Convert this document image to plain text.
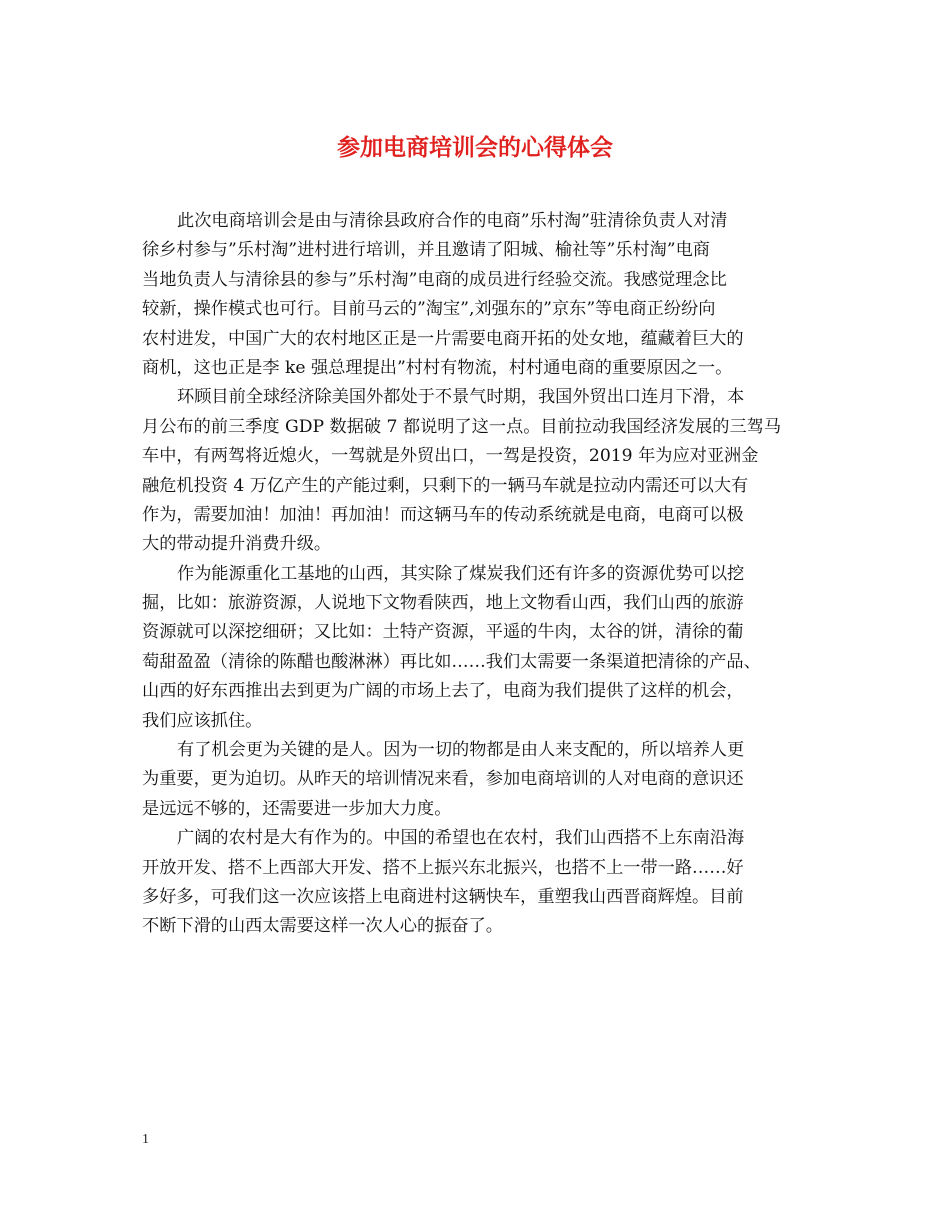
参加电商培训会的心得体会
此次电商培训会是由与清徐县政府合作的电商”乐村淘”驻清徐负责人对清
徐乡村参与”乐村淘”进村进行培训，并且邀请了阳城、榆社等”乐村淘”电商
当地负责人与清徐县的参与”乐村淘”电商的成员进行经验交流。我感觉理念比
较新，操作模式也可行。目前马云的”淘宝”,刘强东的”京东”等电商正纷纷向
农村进发，中国广大的农村地区正是一片需要电商开拓的处女地，蕴藏着巨大的
商机，这也正是李 ke 强总理提出”村村有物流，村村通电商的重要原因之一。
环顾目前全球经济除美国外都处于不景气时期，我国外贸出口连月下滑，本
月公布的前三季度 GDP 数据破 7 都说明了这一点。目前拉动我国经济发展的三驾马
车中，有两驾将近熄火，一驾就是外贸出口，一驾是投资，2019 年为应对亚洲金
融危机投资 4 万亿产生的产能过剩，只剩下的一辆马车就是拉动内需还可以大有
作为，需要加油！加油！再加油！而这辆马车的传动系统就是电商，电商可以极
大的带动提升消费升级。
作为能源重化工基地的山西，其实除了煤炭我们还有许多的资源优势可以挖
掘，比如：旅游资源，人说地下文物看陕西，地上文物看山西，我们山西的旅游
资源就可以深挖细研；又比如：土特产资源，平遥的牛肉，太谷的饼，清徐的葡
萄甜盈盈（清徐的陈醋也酸淋淋）再比如……我们太需要一条渠道把清徐的产品、
山西的好东西推出去到更为广阔的市场上去了，电商为我们提供了这样的机会，
我们应该抓住。
有了机会更为关键的是人。因为一切的物都是由人来支配的，所以培养人更
为重要，更为迫切。从昨天的培训情况来看，参加电商培训的人对电商的意识还
是远远不够的，还需要进一步加大力度。
广阔的农村是大有作为的。中国的希望也在农村，我们山西搭不上东南沿海
开放开发、搭不上西部大开发、搭不上振兴东北振兴，也搭不上一带一路……好
多好多，可我们这一次应该搭上电商进村这辆快车，重塑我山西晋商辉煌。目前
不断下滑的山西太需要这样一次人心的振奋了。
1
